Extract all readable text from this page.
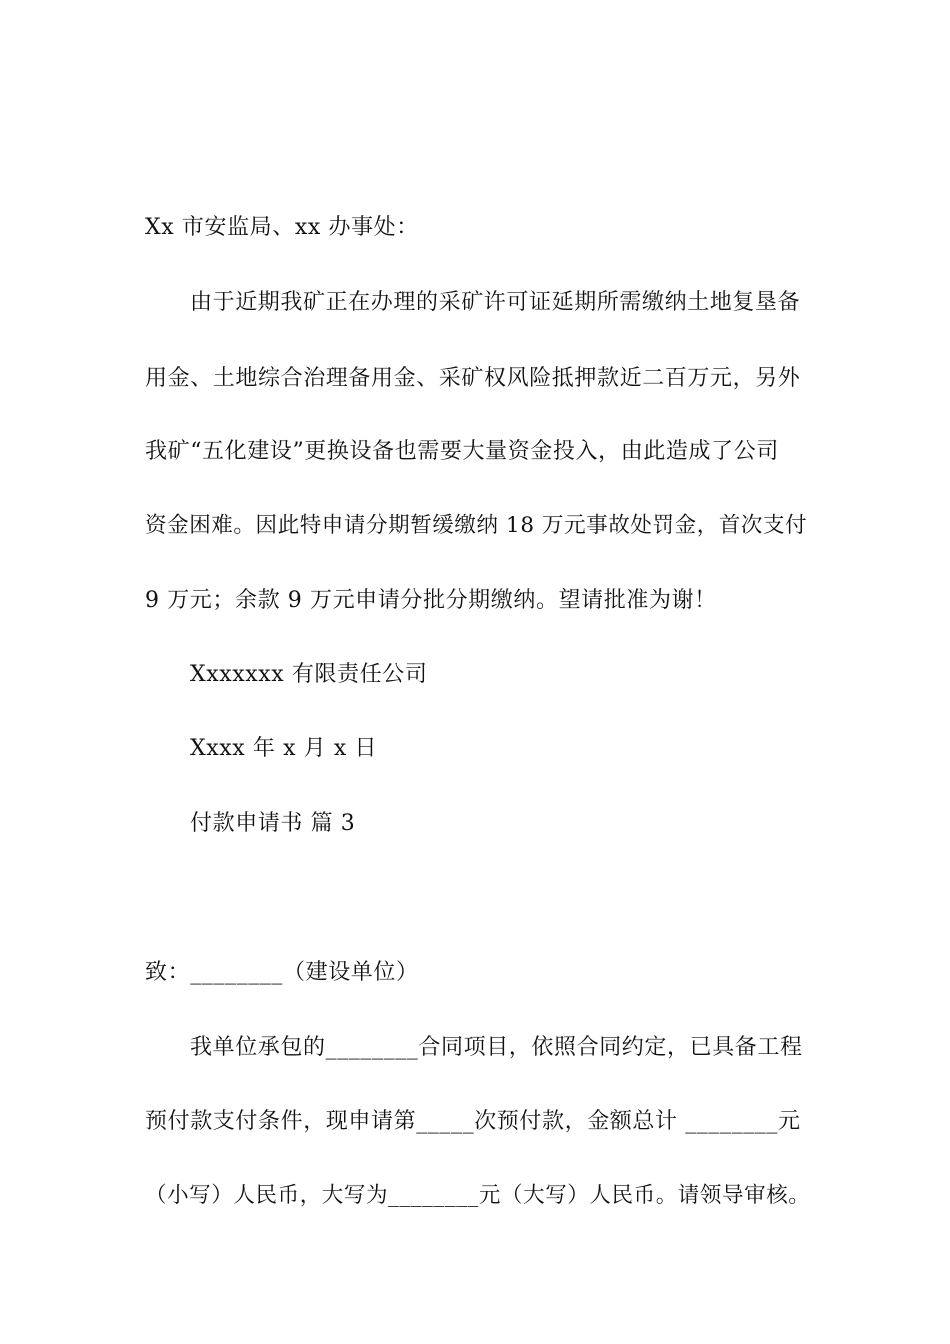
Xx 市安监局、xx 办事处：
由于近期我矿正在办理的采矿许可证延期所需缴纳土地复垦备
用金、土地综合治理备用金、采矿权风险抵押款近二百万元，另外
我矿“五化建设”更换设备也需要大量资金投入，由此造成了公司
资金困难。因此特申请分期暂缓缴纳 18 万元事故处罚金，首次支付
9 万元；余款 9 万元申请分批分期缴纳。望请批准为谢！
Xxxxxxx 有限责任公司
Xxxx 年 x 月 x 日
付款申请书 篇 3
致：________（建设单位）
我单位承包的________合同项目，依照合同约定，已具备工程
预付款支付条件，现申请第_____次预付款，金额总计 ________元
（小写）人民币，大写为________元（大写）人民币。请领导审核。
